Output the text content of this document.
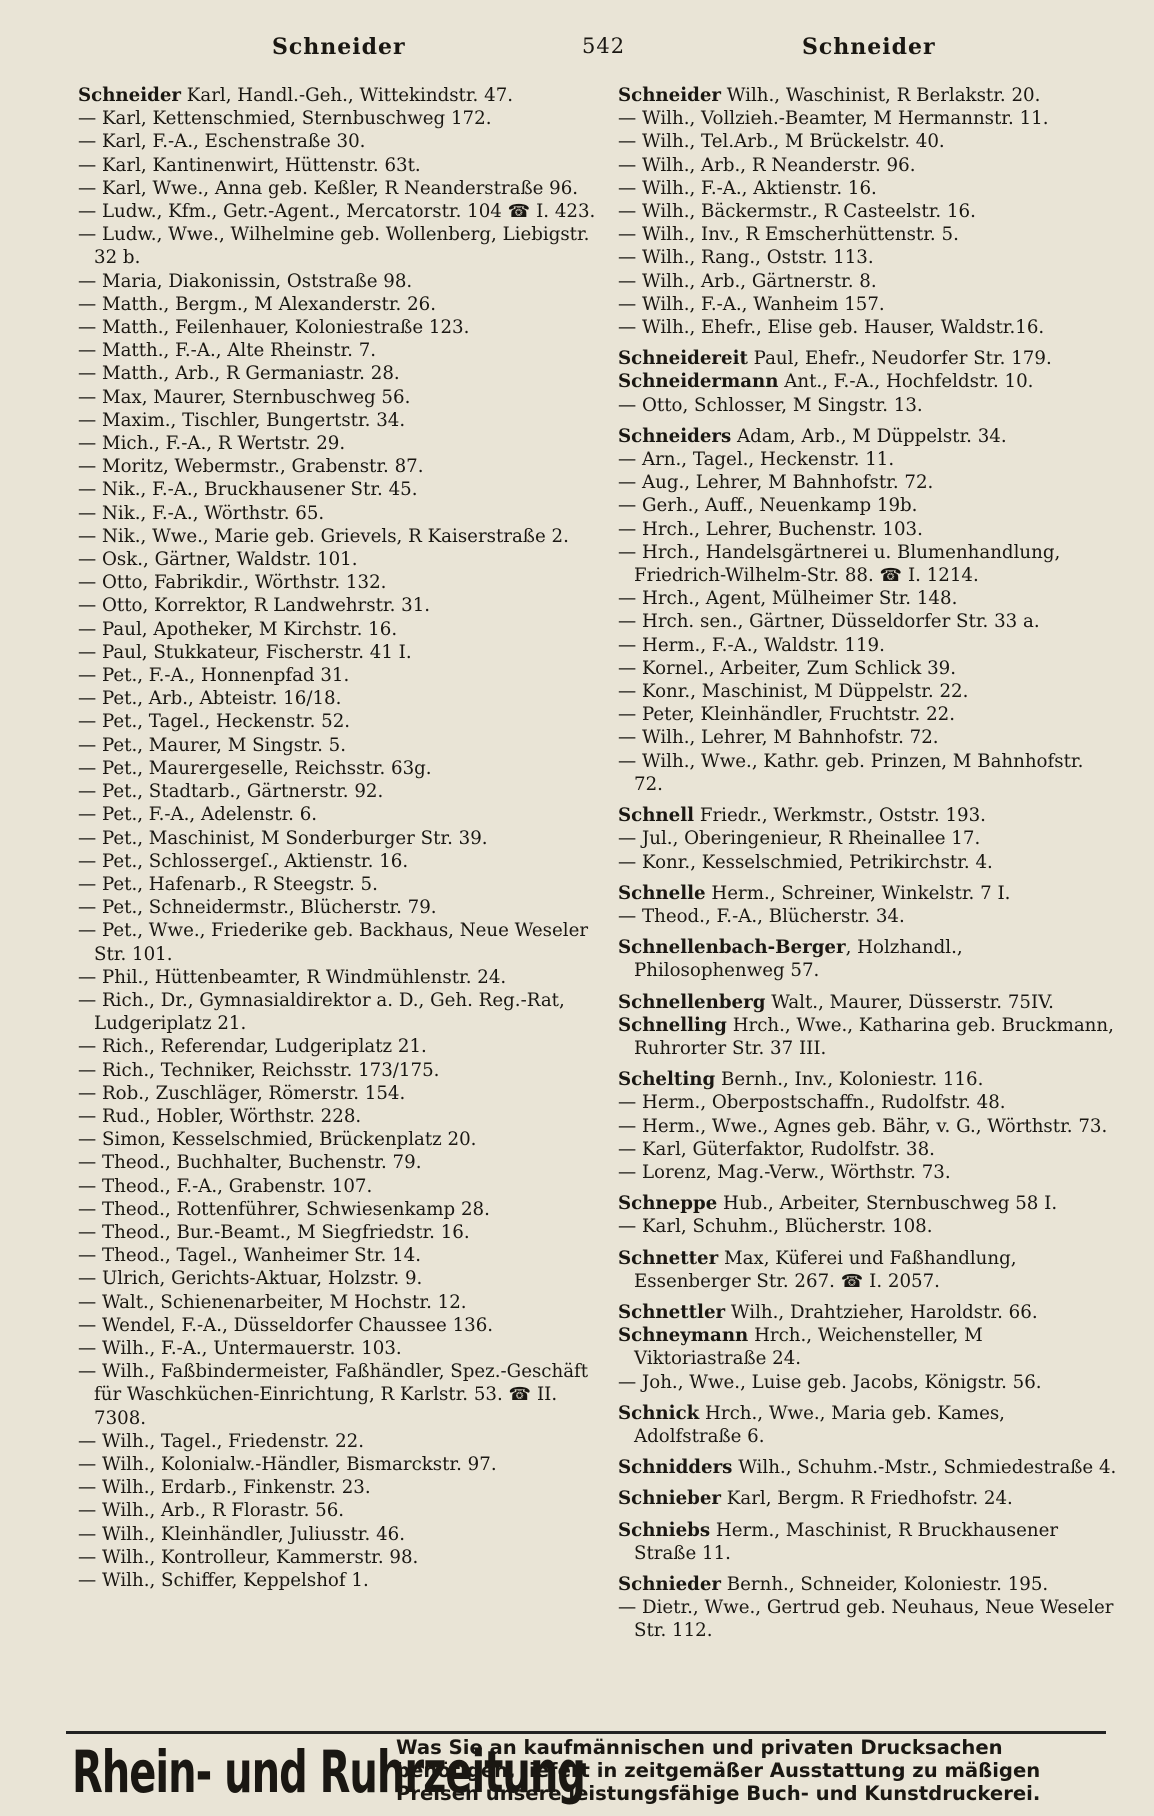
Schneider	542	Schneider

Schneider Karl, Handl.-Geh., Wittekindstr. 47.

— Karl, Kettenschmied, Sternbuschweg 172.

— Karl, F.-A., Eschenstraße 30.

— Karl, Kantinenwirt, Hüttenstr. 63t.

— Karl, Wwe., Anna geb. Keßler, R Neanderstraße 96.

— Ludw., Kfm., Getr.-Agent., Mercatorstr. 104 ☎ I. 423.

— Ludw., Wwe., Wilhelmine geb. Wollenberg, Liebigstr. 32 b.

— Maria, Diakonissin, Oststraße 98.

— Matth., Bergm., M Alexanderstr. 26.

— Matth., Feilenhauer, Koloniestraße 123.

— Matth., F.-A., Alte Rheinstr. 7.

— Matth., Arb., R Germaniastr. 28.

— Max, Maurer, Sternbuschweg 56.

— Maxim., Tischler, Bungertstr. 34.

— Mich., F.-A., R Wertstr. 29.

— Moritz, Webermstr., Grabenstr. 87.

— Nik., F.-A., Bruckhausener Str. 45.

— Nik., F.-A., Wörthstr. 65.

— Nik., Wwe., Marie geb. Grievels, R Kaiserstraße 2.

— Osk., Gärtner, Waldstr. 101.

— Otto, Fabrikdir., Wörthstr. 132.

— Otto, Korrektor, R Landwehrstr. 31.

— Paul, Apotheker, M Kirchstr. 16.

— Paul, Stukkateur, Fischerstr. 41 I.

— Pet., F.-A., Honnenpfad 31.

— Pet., Arb., Abteistr. 16/18.

— Pet., Tagel., Heckenstr. 52.

— Pet., Maurer, M Singstr. 5.

— Pet., Maurergeselle, Reichsstr. 63g.

— Pet., Stadtarb., Gärtnerstr. 92.

— Pet., F.-A., Adelenstr. 6.

— Pet., Maschinist, M Sonderburger Str. 39.

— Pet., Schlossergeſ., Aktienstr. 16.

— Pet., Hafenarb., R Steegstr. 5.

— Pet., Schneidermstr., Blücherstr. 79.

— Pet., Wwe., Friederike geb. Backhaus, Neue Weseler Str. 101.

— Phil., Hüttenbeamter, R Windmühlenstr. 24.

— Rich., Dr., Gymnasialdirektor a. D., Geh. Reg.-Rat, Ludgeriplatz 21.

— Rich., Referendar, Ludgeriplatz 21.

— Rich., Techniker, Reichsstr. 173/175.

— Rob., Zuschläger, Römerstr. 154.

— Rud., Hobler, Wörthstr. 228.

— Simon, Kesselschmied, Brückenplatz 20.

— Theod., Buchhalter, Buchenstr. 79.

— Theod., F.-A., Grabenstr. 107.

— Theod., Rottenführer, Schwiesenkamp 28.

— Theod., Bur.-Beamt., M Siegfriedstr. 16.

— Theod., Tagel., Wanheimer Str. 14.

— Ulrich, Gerichts-Aktuar, Holzstr. 9.

— Walt., Schienenarbeiter, M Hochstr. 12.

— Wendel, F.-A., Düsseldorfer Chaussee 136.

— Wilh., F.-A., Untermauerstr. 103.

— Wilh., Faßbindermeister, Faßhändler, Spez.-Geschäft für Waschküchen-Einrichtung, R Karlstr. 53. ☎ II. 7308.

— Wilh., Tagel., Friedenstr. 22.

— Wilh., Kolonialw.-Händler, Bismarckstr. 97.

— Wilh., Erdarb., Finkenstr. 23.

— Wilh., Arb., R Florastr. 56.

— Wilh., Kleinhändler, Juliusstr. 46.

— Wilh., Kontrolleur, Kammerstr. 98.

— Wilh., Schiffer, Keppelshof 1.

Schneider Wilh., Waschinist, R Berlakstr. 20.

— Wilh., Vollzieh.-Beamter, M Hermannstr. 11.

— Wilh., Tel.Arb., M Brückelstr. 40.

— Wilh., Arb., R Neanderstr. 96.

— Wilh., F.-A., Aktienstr. 16.

— Wilh., Bäckermstr., R Casteelstr. 16.

— Wilh., Inv., R Emscherhüttenstr. 5.

— Wilh., Rang., Oststr. 113.

— Wilh., Arb., Gärtnerstr. 8.

— Wilh., F.-A., Wanheim 157.

— Wilh., Ehefr., Elise geb. Hauser, Waldstr.16.

Schneidereit Paul, Ehefr., Neudorfer Str. 179.

Schneidermann Ant., F.-A., Hochfeldstr. 10.

— Otto, Schlosser, M Singstr. 13.

Schneiders Adam, Arb., M Düppelstr. 34.

— Arn., Tagel., Heckenstr. 11.

— Aug., Lehrer, M Bahnhofstr. 72.

— Gerh., Auff., Neuenkamp 19b.

— Hrch., Lehrer, Buchenstr. 103.

— Hrch., Handelsgärtnerei u. Blumenhandlung, Friedrich-Wilhelm-Str. 88. ☎ I. 1214.

— Hrch., Agent, Mülheimer Str. 148.

— Hrch. sen., Gärtner, Düsseldorfer Str. 33 a.

— Herm., F.-A., Waldstr. 119.

— Kornel., Arbeiter, Zum Schlick 39.

— Konr., Maschinist, M Düppelstr. 22.

— Peter, Kleinhändler, Fruchtstr. 22.

— Wilh., Lehrer, M Bahnhofstr. 72.

— Wilh., Wwe., Kathr. geb. Prinzen, M Bahnhofstr. 72.

Schnell Friedr., Werkmstr., Oststr. 193.

— Jul., Oberingenieur, R Rheinallee 17.

— Konr., Kesselschmied, Petrikirchstr. 4.

Schnelle Herm., Schreiner, Winkelstr. 7 I.

— Theod., F.-A., Blücherstr. 34.

Schnellenbach-Berger, Holzhandl., Philosophenweg 57.

Schnellenberg Walt., Maurer, Düsserstr. 75IV.

Schnelling Hrch., Wwe., Katharina geb. Bruckmann, Ruhrorter Str. 37 III.

Schelting Bernh., Inv., Koloniestr. 116.

— Herm., Oberpostschaffn., Rudolfstr. 48.

— Herm., Wwe., Agnes geb. Bähr, v. G., Wörthstr. 73.

— Karl, Güterfaktor, Rudolfstr. 38.

— Lorenz, Mag.-Verw., Wörthstr. 73.

Schneppe Hub., Arbeiter, Sternbuschweg 58 I.

— Karl, Schuhm., Blücherstr. 108.

Schnetter Max, Küferei und Faßhandlung, Essenberger Str. 267. ☎ I. 2057.

Schnettler Wilh., Drahtzieher, Haroldstr. 66.

Schneymann Hrch., Weichensteller, M Viktoriastraße 24.

— Joh., Wwe., Luise geb. Jacobs, Königstr. 56.

Schnick Hrch., Wwe., Maria geb. Kames, Adolfstraße 6.

Schnidders Wilh., Schuhm.-Mstr., Schmiedestraße 4.

Schnieber Karl, Bergm. R Friedhofstr. 24.

Schniebs Herm., Maschinist, R Bruckhausener Straße 11.

Schnieder Bernh., Schneider, Koloniestr. 195.

— Dietr., Wwe., Gertrud geb. Neuhaus, Neue Weseler Str. 112.

Rhein- und Ruhrzeitung
Was Sie an kaufmännischen und privaten Drucksachen
benötigen, liefert in zeitgemäßer Ausstattung zu mäßigen
Preisen unsere leistungsfähige Buch- und Kunstdruckerei.
